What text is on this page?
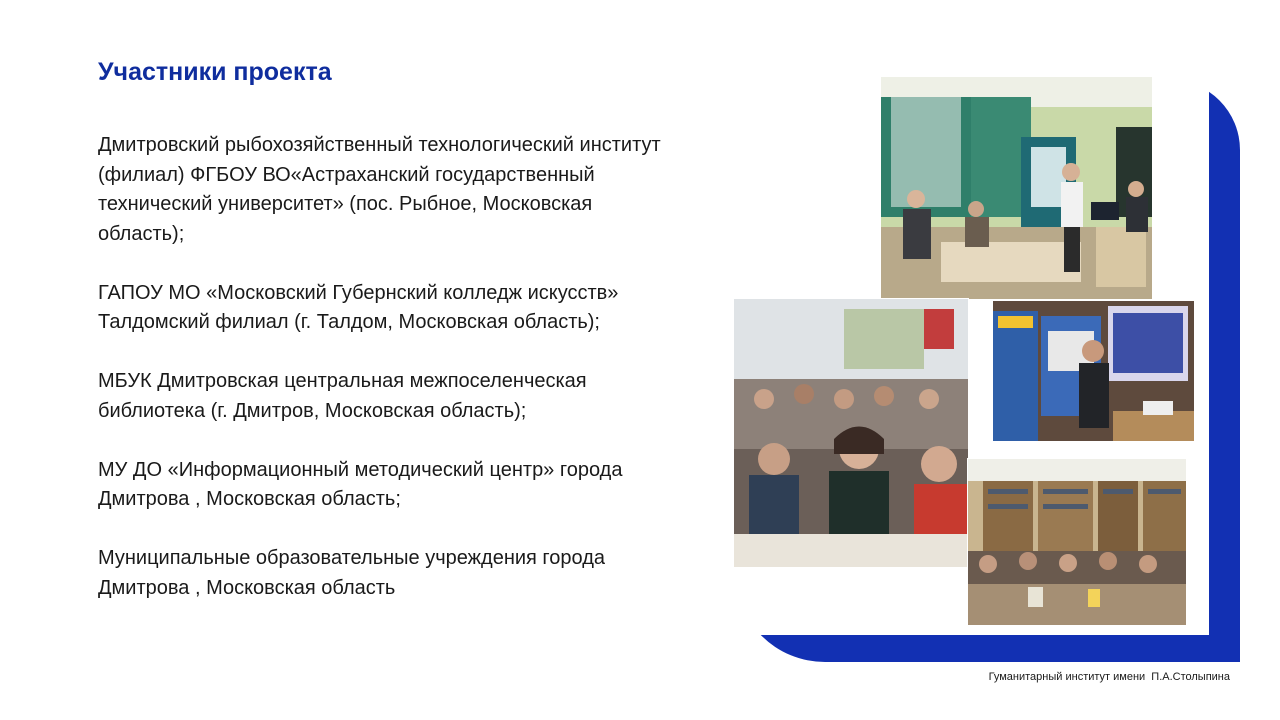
Участники проекта
Дмитровский рыбохозяйственный технологический институт
(филиал) ФГБОУ ВО«Астраханский государственный
технический университет» (пос. Рыбное, Московская
область);
ГАПОУ МО «Московский Губернский колледж искусств»
Талдомский филиал (г. Талдом, Московская область);
МБУК Дмитровская центральная межпоселенческая
библиотека (г. Дмитров, Московская область);
МУ ДО «Информационный методический центр» города
Дмитрова , Московская область;
Муниципальные образовательные учреждения города
Дмитрова , Московская область
Гуманитарный институт имени  П.А.Столыпина
